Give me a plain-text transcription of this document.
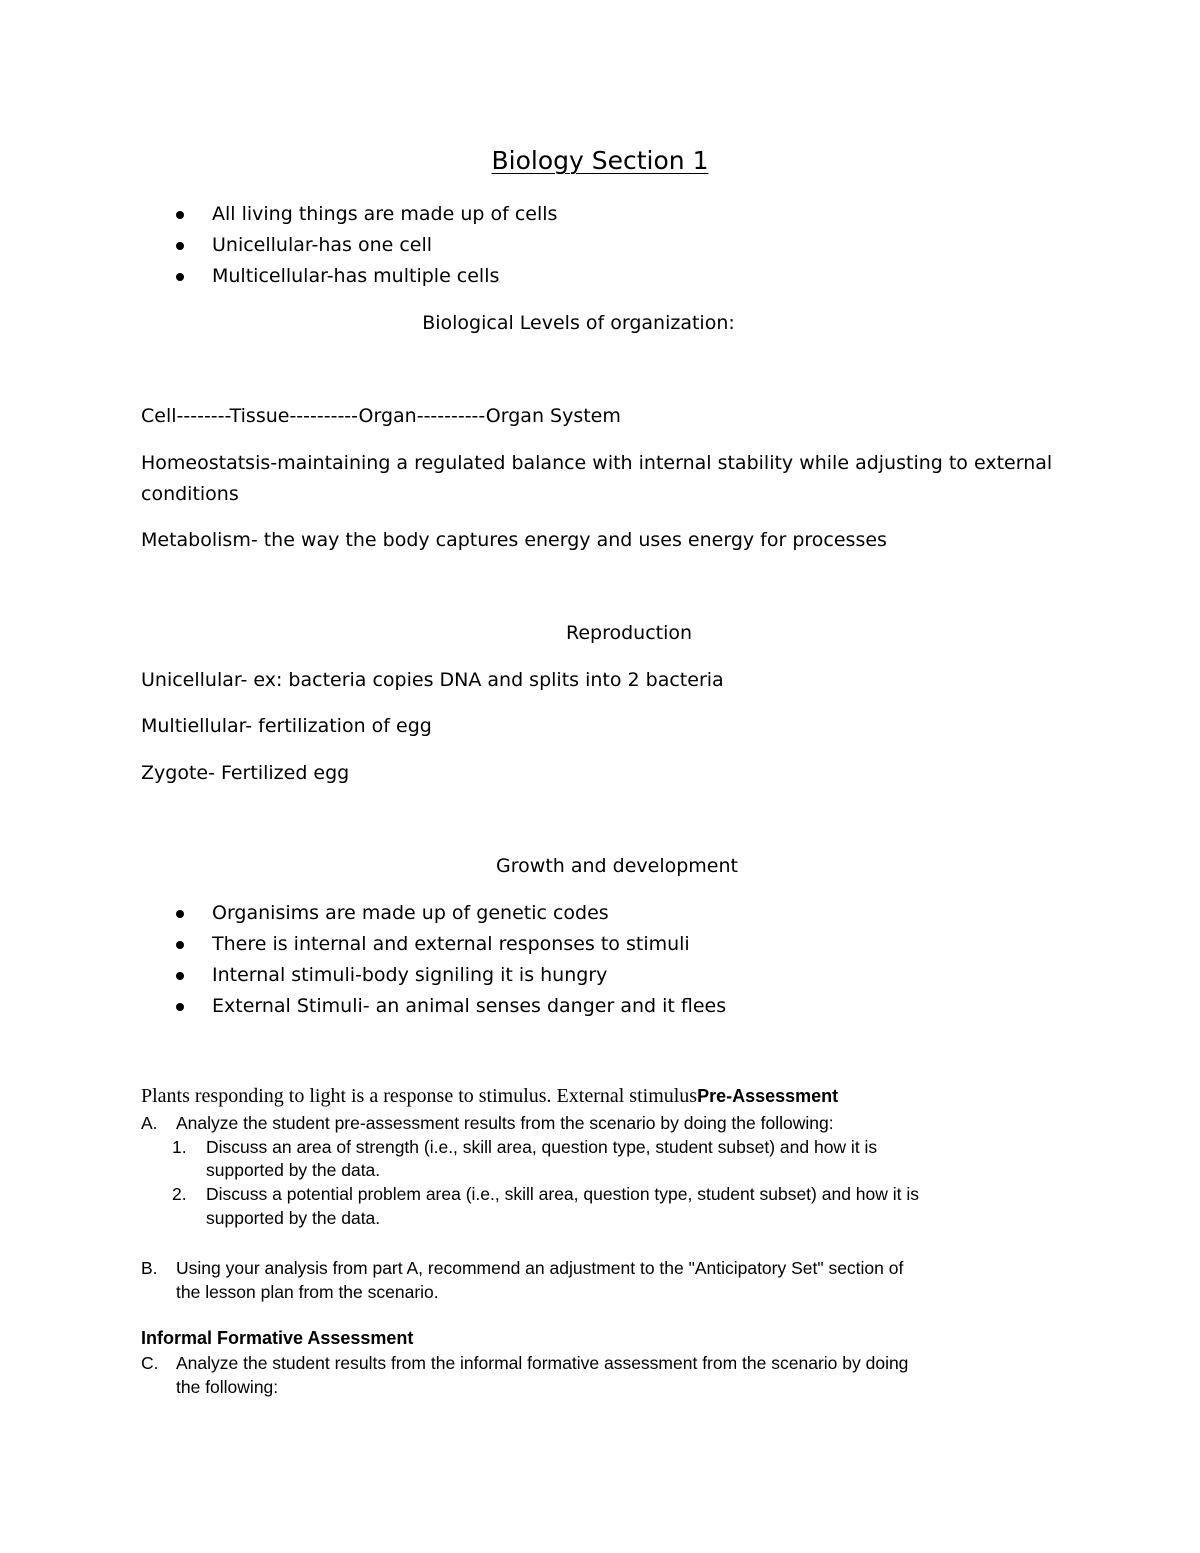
Biology Section 1
All living things are made up of cells
Unicellular-has one cell
Multicellular-has multiple cells
Biological Levels of organization:
Cell--------Tissue----------Organ----------Organ System
Homeostatsis-maintaining a regulated balance with internal stability while adjusting to external
conditions
Metabolism- the way the body captures energy and uses energy for processes
Reproduction
Unicellular- ex: bacteria copies DNA and splits into 2 bacteria
Multiellular- fertilization of egg
Zygote- Fertilized egg
Growth and development
Organisims are made up of genetic codes
There is internal and external responses to stimuli
Internal stimuli-body signiling it is hungry
External Stimuli- an animal senses danger and it flees
Plants responding to light is a response to stimulus. External stimulusPre-Assessment
A. Analyze the student pre-assessment results from the scenario by doing the following:
1. Discuss an area of strength (i.e., skill area, question type, student subset) and how it is
supported by the data.
2. Discuss a potential problem area (i.e., skill area, question type, student subset) and how it is
supported by the data.
B. Using your analysis from part A, recommend an adjustment to the "Anticipatory Set" section of
the lesson plan from the scenario.
Informal Formative Assessment
C. Analyze the student results from the informal formative assessment from the scenario by doing
the following:
